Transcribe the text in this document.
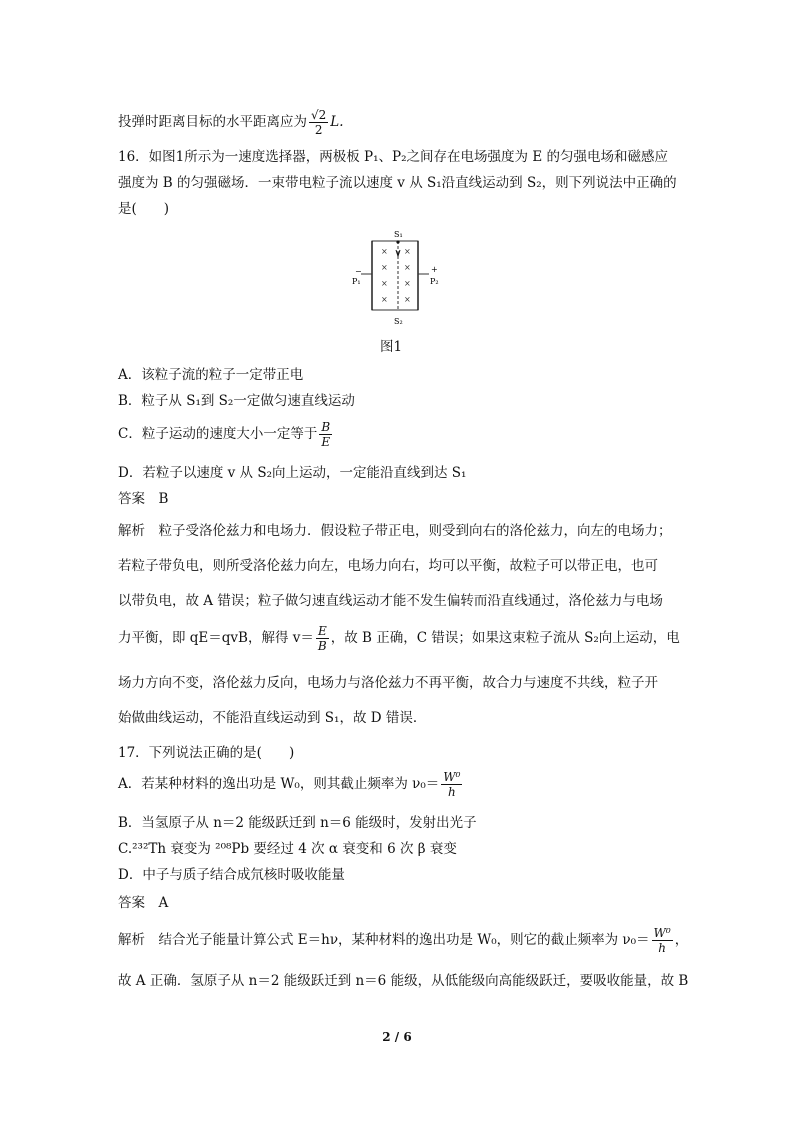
投弹时距离目标的水平距离应为 $\frac{√2}{2} L$.
16．如图1所示为一速度选择器，两极板 P₁、P₂之间存在电场强度为 E 的匀强电场和磁感应
强度为 B 的匀强磁场．一束带电粒子流以速度 v 从 S₁沿直线运动到 S₂，则下列说法中正确的
是(　　)
S₁
× ×
× ×
× ×
× ×
−
P₁
+
P₂
S₂
图1
A．该粒子流的粒子一定带正电
B．粒子从 S₁到 S₂一定做匀速直线运动
C．粒子运动的速度大小一定等于 $\frac{B}{E}$
D．若粒子以速度 v 从 S₂向上运动，一定能沿直线到达 S₁
答案　B
解析　粒子受洛伦兹力和电场力．假设粒子带正电，则受到向右的洛伦兹力，向左的电场力；
若粒子带负电，则所受洛伦兹力向左，电场力向右，均可以平衡，故粒子可以带正电，也可
以带负电，故 A 错误；粒子做匀速直线运动才能不发生偏转而沿直线通过，洛伦兹力与电场
力平衡，即 qE＝qvB，解得 $v= \frac{E}{B}$ ，故 B 正确，C 错误；如果这束粒子流从 S₂向上运动，电
场力方向不变，洛伦兹力反向，电场力与洛伦兹力不再平衡，故合力与速度不共线，粒子开
始做曲线运动，不能沿直线运动到 S₁，故 D 错误．
17．下列说法正确的是(　　)
A．若某种材料的逸出功是 W₀，则其截止频率为 $\nu_0= \frac{\text{W⁰}}{h}$
B．当氢原子从 n＝2 能级跃迁到 n＝6 能级时，发射出光子
C.²³²Th 衰变为 ²⁰⁸Pb 要经过 4 次 α 衰变和 6 次 β 衰变
D．中子与质子结合成氘核时吸收能量
答案　A
解析　结合光子能量计算公式 E＝hν，某种材料的逸出功是 W₀，则它的截止频率为 $\nu_0= \frac{\text{W⁰}}{h}$ ，
故 A 正确．氢原子从 n＝2 能级跃迁到 n＝6 能级，从低能级向高能级跃迁，要吸收能量，故 B
2 / 6
